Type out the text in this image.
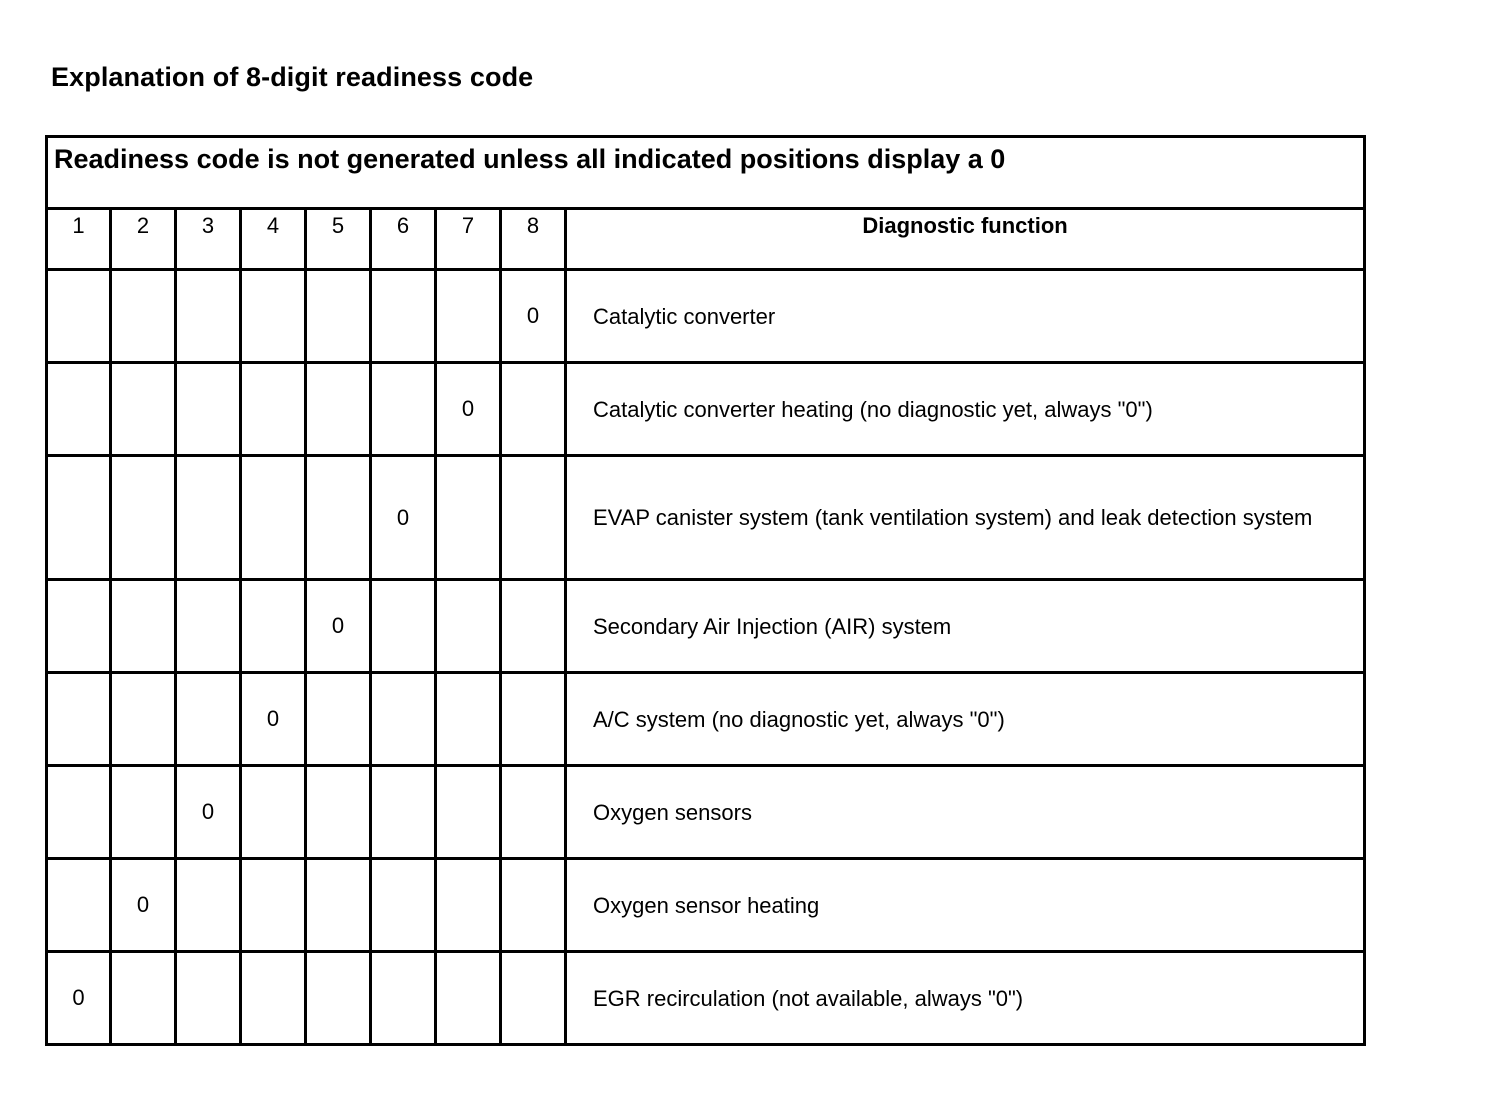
Explanation of 8-digit readiness code
Readiness code is not generated unless all indicated positions display a 0								
1	2	3	4	5	6	7	8	Diagnostic function
							0	Catalytic converter
						0		Catalytic converter heating (no diagnostic yet, always "0")
					0			EVAP canister system (tank ventilation system) and leak detection system
				0				Secondary Air Injection (AIR) system
			0					A/C system (no diagnostic yet, always "0")
		0						Oxygen sensors
	0							Oxygen sensor heating
0								EGR recirculation (not available, always "0")
